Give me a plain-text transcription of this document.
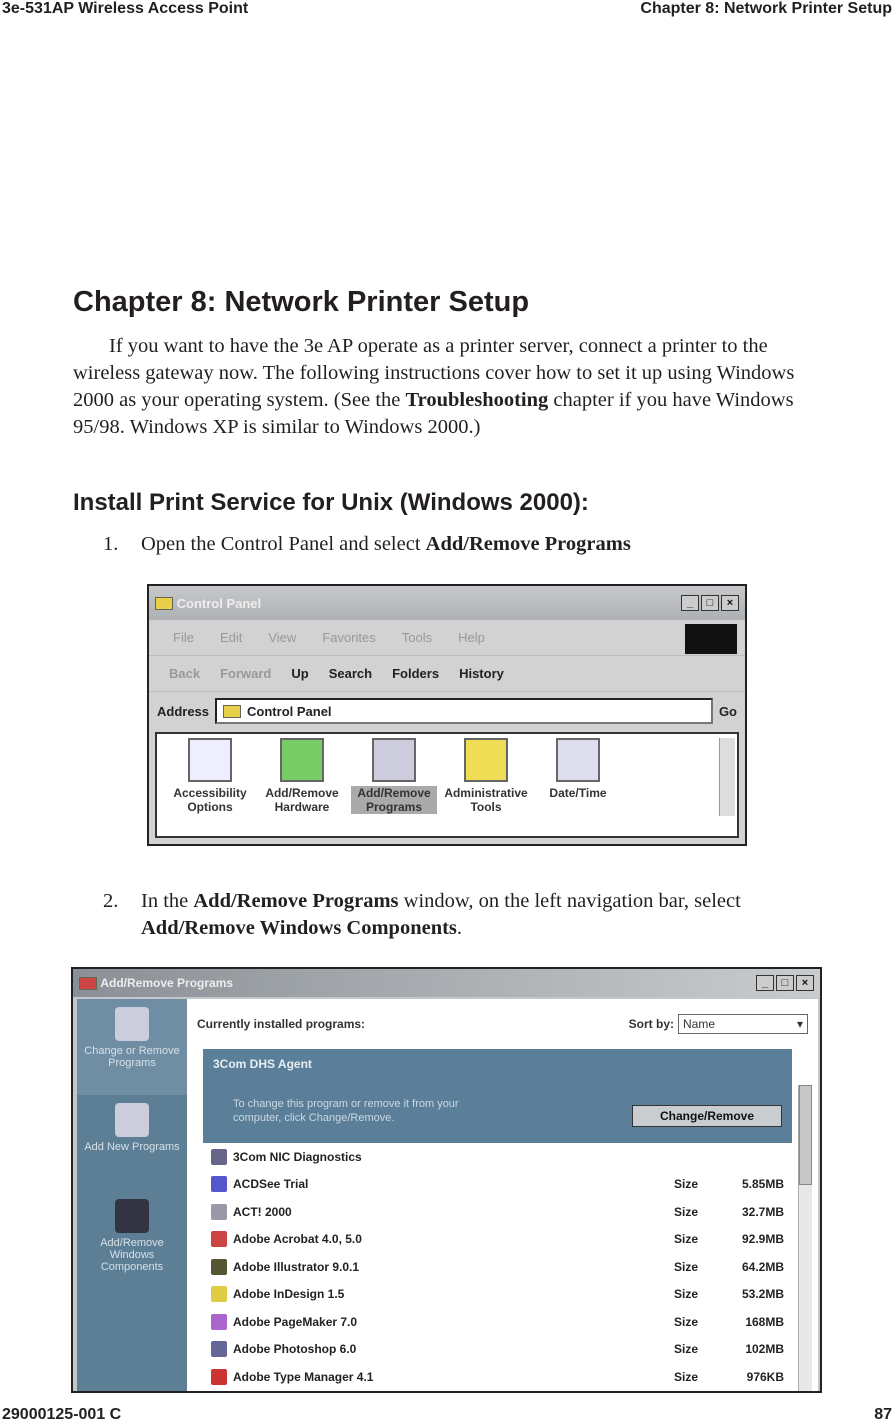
3e-531AP Wireless Access Point	Chapter 8: Network Printer Setup
Chapter 8: Network Printer Setup

If you want to have the 3e AP operate as a printer server, connect a printer to the wireless gateway now. The following instructions cover how to set it up using Windows 2000 as your operating system. (See the Troubleshooting chapter if you have Windows 95/98. Windows XP is similar to Windows 2000.)

Install Print Service for Unix (Windows 2000):
1. Open the Control Panel and select Add/Remove Programs

Control Panel	_	□	×
File Edit View Favorites Tools Help
Back Forward Up Search Folders History
Address	Control Panel	Go
Accessibility Options
Add/Remove Hardware
Add/Remove Programs
Administrative Tools
Date/Time
2. In the Add/Remove Programs window, on the left navigation bar, select Add/Remove Windows Components.

Add/Remove Programs	_	□	×
Change or Remove Programs
Add New Programs
Add/Remove Windows Components
Currently installed programs:	Sort by: Name	▾
3Com DHS Agent
To change this program or remove it from your computer, click Change/Remove.	Change/Remove
3Com NIC Diagnostics
ACDSee Trial	Size	5.85MB
ACT! 2000	Size	32.7MB
Adobe Acrobat 4.0, 5.0	Size	92.9MB
Adobe Illustrator 9.0.1	Size	64.2MB
Adobe InDesign 1.5	Size	53.2MB
Adobe PageMaker 7.0	Size	168MB
Adobe Photoshop 6.0	Size	102MB
Adobe Type Manager 4.1	Size	976KB
29000125-001 C	87
